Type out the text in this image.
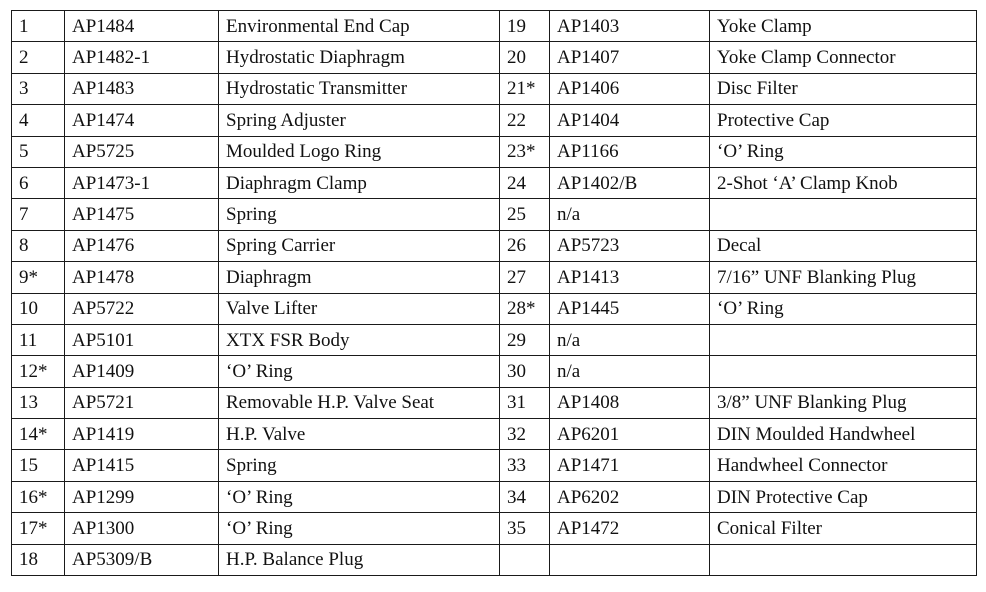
1	AP1484	Environmental End Cap	19	AP1403	Yoke Clamp
2	AP1482-1	Hydrostatic Diaphragm	20	AP1407	Yoke Clamp Connector
3	AP1483	Hydrostatic Transmitter	21*	AP1406	Disc Filter
4	AP1474	Spring Adjuster	22	AP1404	Protective Cap
5	AP5725	Moulded Logo Ring	23*	AP1166	‘O’ Ring
6	AP1473-1	Diaphragm Clamp	24	AP1402/B	2-Shot ‘A’ Clamp Knob
7	AP1475	Spring	25	n/a	
8	AP1476	Spring Carrier	26	AP5723	Decal
9*	AP1478	Diaphragm	27	AP1413	7/16” UNF Blanking Plug
10	AP5722	Valve Lifter	28*	AP1445	‘O’ Ring
11	AP5101	XTX FSR Body	29	n/a	
12*	AP1409	‘O’ Ring	30	n/a	
13	AP5721	Removable H.P. Valve Seat	31	AP1408	3/8” UNF Blanking Plug
14*	AP1419	H.P. Valve	32	AP6201	DIN Moulded Handwheel
15	AP1415	Spring	33	AP1471	Handwheel Connector
16*	AP1299	‘O’ Ring	34	AP6202	DIN Protective Cap
17*	AP1300	‘O’ Ring	35	AP1472	Conical Filter
18	AP5309/B	H.P. Balance Plug			
